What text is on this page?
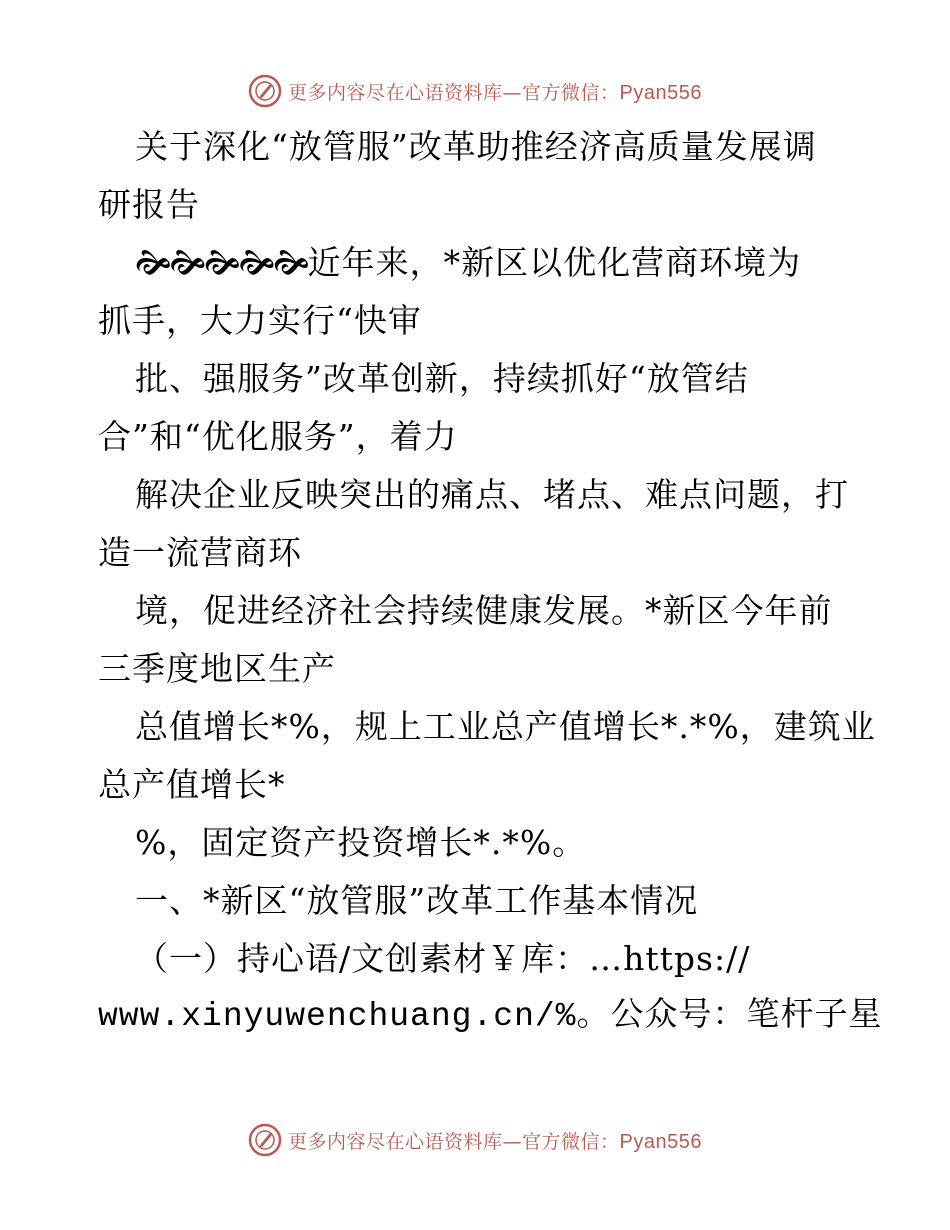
更多内容尽在心语资料库—官方微信：Pyan556
关于深化“放管服”改革助推经济高质量发展调
研报告
🙞🙞🙞🙞🙞近年来，*新区以优化营商环境为
抓手，大力实行“快审
批、强服务”改革创新，持续抓好“放管结
合”和“优化服务”，着力
解决企业反映突出的痛点、堵点、难点问题，打
造一流营商环
境，促进经济社会持续健康发展。*新区今年前
三季度地区生产
总值增长*%，规上工业总产值增长*.*%，建筑业
总产值增长*
%，固定资产投资增长*.*%。
一、*新区“放管服”改革工作基本情况
（一）持心语/文创素材￥库：…https://
www.xinyuwenchuang.cn/%。公众号：笔杆子星
更多内容尽在心语资料库—官方微信：Pyan556
